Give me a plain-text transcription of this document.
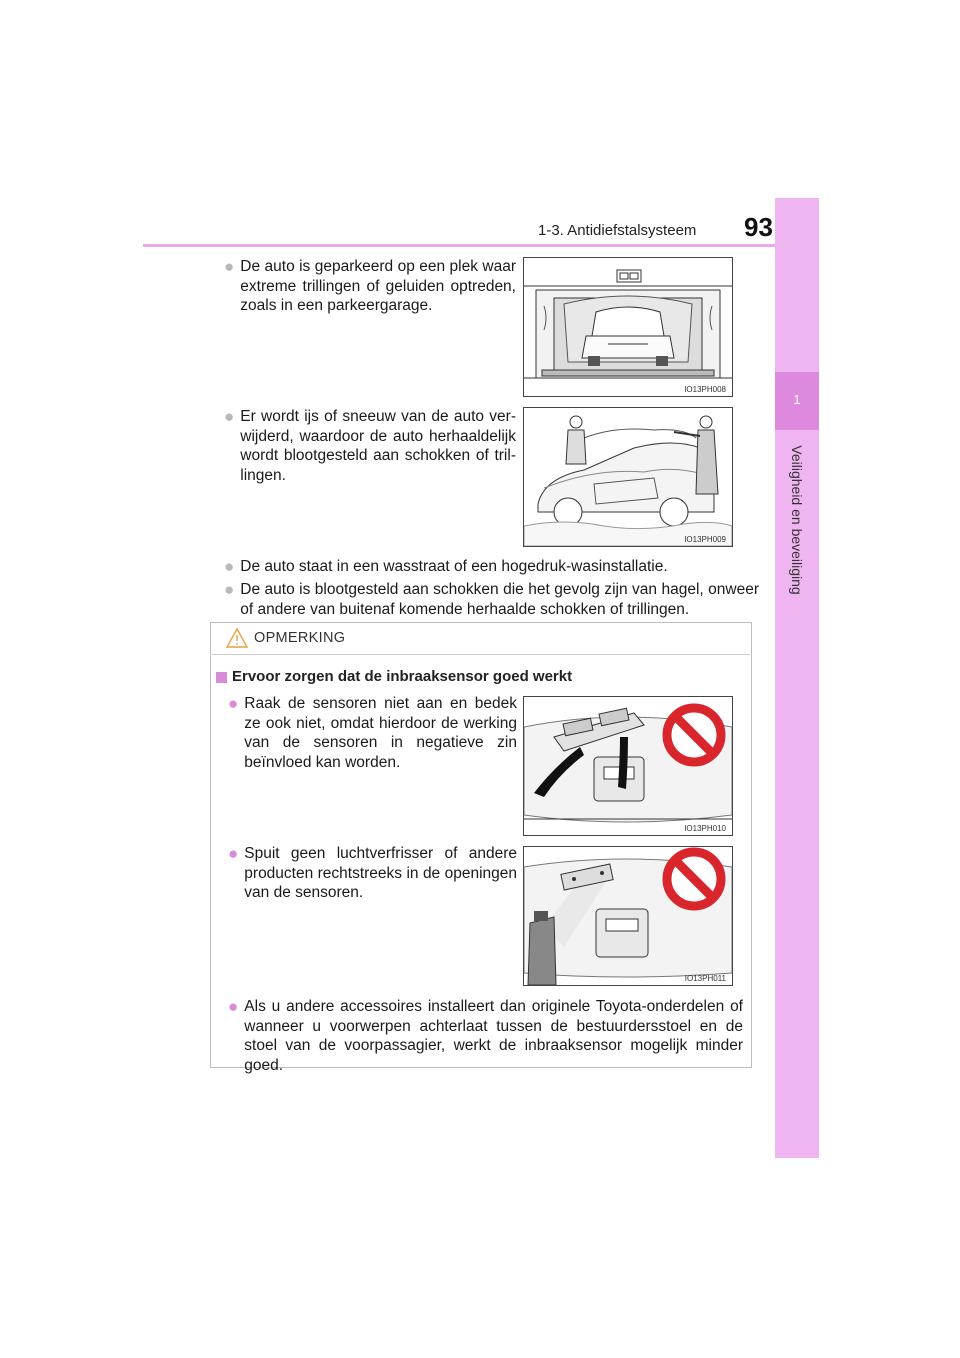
1-3. Antidiefstalsysteem 93
1
Veiligheid en beveiliging
● De auto is geparkeerd op een plek waar extreme trillingen of geluiden optreden, zoals in een parkeergarage.
IO13PH008
● Er wordt ijs of sneeuw van de auto ver-wijderd, waardoor de auto herhaaldelijk wordt blootgesteld aan schokken of tril-lingen.
IO13PH009
● De auto staat in een wasstraat of een hogedruk-wasinstallatie.
● De auto is blootgesteld aan schokken die het gevolg zijn van hagel, onweer of andere van buitenaf komende herhaalde schokken of trillingen.
OPMERKING
Ervoor zorgen dat de inbraaksensor goed werkt
● Raak de sensoren niet aan en bedek ze ook niet, omdat hierdoor de werking van de sensoren in negatieve zin beïnvloed kan worden.
IO13PH010
● Spuit geen luchtverfrisser of andere producten rechtstreeks in de openingen van de sensoren.
IO13PH011
● Als u andere accessoires installeert dan originele Toyota-onderdelen of wanneer u voorwerpen achterlaat tussen de bestuurdersstoel en de stoel van de voorpassagier, werkt de inbraaksensor mogelijk minder goed.
